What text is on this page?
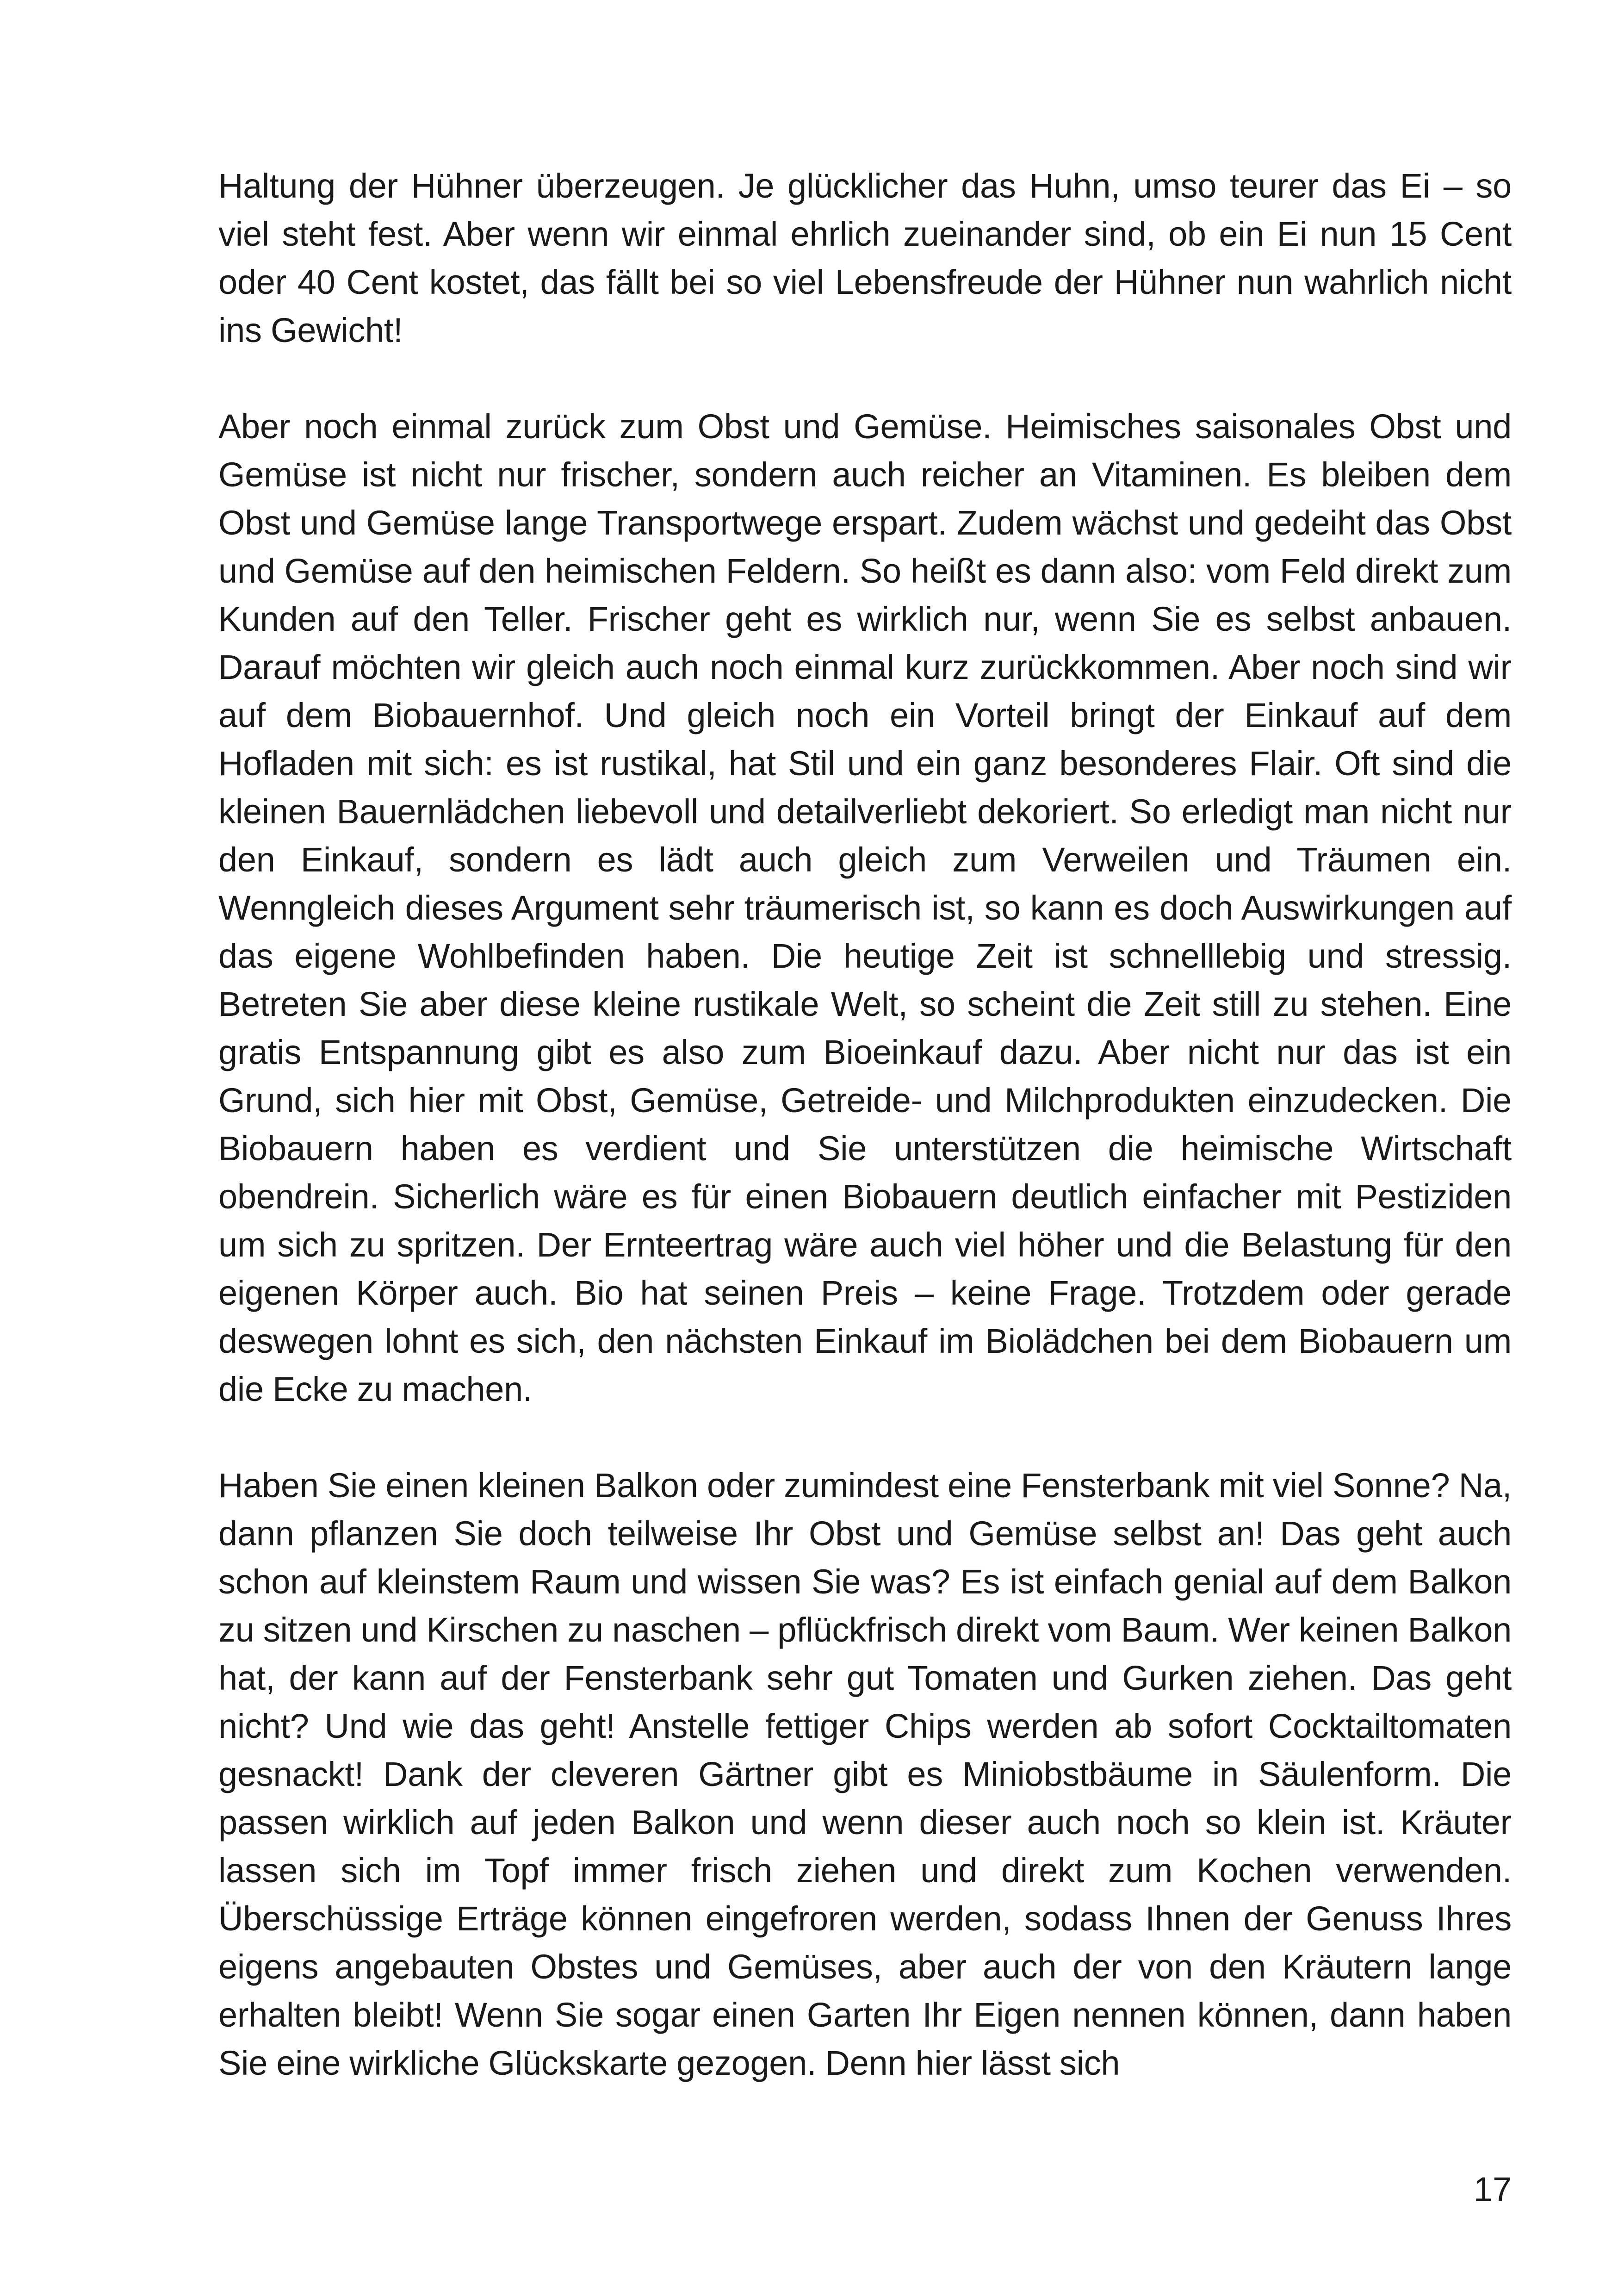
Haltung der Hühner überzeugen. Je glücklicher das Huhn, umso teurer das Ei – so viel steht fest. Aber wenn wir einmal ehrlich zueinander sind, ob ein Ei nun 15 Cent oder 40 Cent kostet, das fällt bei so viel Lebensfreude der Hühner nun wahrlich nicht ins Gewicht!

Aber noch einmal zurück zum Obst und Gemüse. Heimisches saisonales Obst und Gemüse ist nicht nur frischer, sondern auch reicher an Vitaminen. Es bleiben dem Obst und Gemüse lange Transportwege erspart. Zudem wächst und gedeiht das Obst und Gemüse auf den heimischen Feldern. So heißt es dann also: vom Feld direkt zum Kunden auf den Teller. Frischer geht es wirklich nur, wenn Sie es selbst anbauen. Darauf möchten wir gleich auch noch einmal kurz zurückkommen. Aber noch sind wir auf dem Biobauernhof. Und gleich noch ein Vorteil bringt der Einkauf auf dem Hofladen mit sich: es ist rustikal, hat Stil und ein ganz besonderes Flair. Oft sind die kleinen Bauernlädchen liebevoll und detailverliebt dekoriert. So erledigt man nicht nur den Einkauf, sondern es lädt auch gleich zum Verweilen und Träumen ein. Wenngleich dieses Argument sehr träumerisch ist, so kann es doch Auswirkungen auf das eigene Wohlbefinden haben. Die heutige Zeit ist schnelllebig und stressig. Betreten Sie aber diese kleine rustikale Welt, so scheint die Zeit still zu stehen. Eine gratis Entspannung gibt es also zum Bioeinkauf dazu. Aber nicht nur das ist ein Grund, sich hier mit Obst, Gemüse, Getreide- und Milchprodukten einzudecken. Die Biobauern haben es verdient und Sie unterstützen die heimische Wirtschaft obendrein. Sicherlich wäre es für einen Biobauern deutlich einfacher mit Pestiziden um sich zu spritzen. Der Ernteertrag wäre auch viel höher und die Belastung für den eigenen Körper auch. Bio hat seinen Preis – keine Frage. Trotzdem oder gerade deswegen lohnt es sich, den nächsten Einkauf im Biolädchen bei dem Biobauern um die Ecke zu machen.

Haben Sie einen kleinen Balkon oder zumindest eine Fensterbank mit viel Sonne? Na, dann pflanzen Sie doch teilweise Ihr Obst und Gemüse selbst an! Das geht auch schon auf kleinstem Raum und wissen Sie was? Es ist einfach genial auf dem Balkon zu sitzen und Kirschen zu naschen – pflückfrisch direkt vom Baum. Wer keinen Balkon hat, der kann auf der Fensterbank sehr gut Tomaten und Gurken ziehen. Das geht nicht? Und wie das geht! Anstelle fettiger Chips werden ab sofort Cocktailtomaten gesnackt! Dank der cleveren Gärtner gibt es Miniobstbäume in Säulenform. Die passen wirklich auf jeden Balkon und wenn dieser auch noch so klein ist. Kräuter lassen sich im Topf immer frisch ziehen und direkt zum Kochen verwenden. Überschüssige Erträge können eingefroren werden, sodass Ihnen der Genuss Ihres eigens angebauten Obstes und Gemüses, aber auch der von den Kräutern lange erhalten bleibt! Wenn Sie sogar einen Garten Ihr Eigen nennen können, dann haben Sie eine wirkliche Glückskarte gezogen. Denn hier lässt sich

17
